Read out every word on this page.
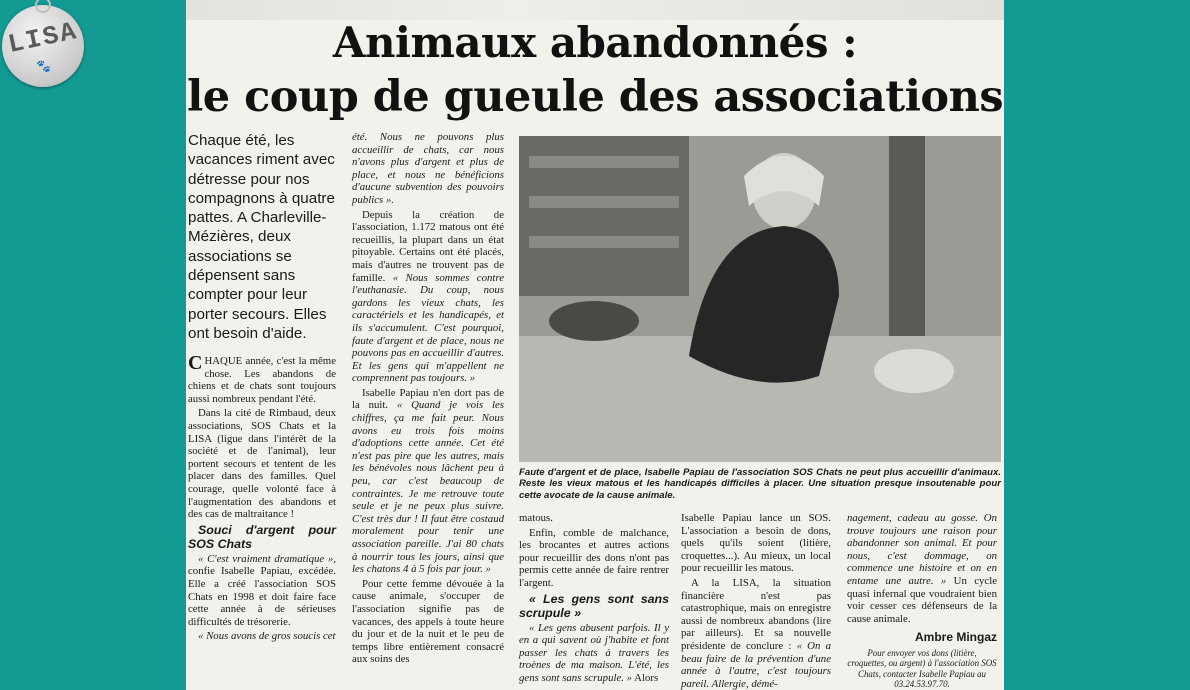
LISA
🐾	Animaux abandonnés :
le coup de gueule des associations
Chaque été, les vacances riment avec détresse pour nos compagnons à quatre pattes. A Charleville-Mézières, deux associations se dépensent sans compter pour leur porter secours. Elles ont besoin d'aide.

CHAQUE année, c'est la même chose. Les abandons de chiens et de chats sont toujours aussi nombreux pendant l'été.

Dans la cité de Rimbaud, deux associations, SOS Chats et la LISA (ligue dans l'intérêt de la société et de l'animal), leur portent secours et tentent de les placer dans des familles. Quel courage, quelle volonté face à l'augmentation des abandons et des cas de maltraitance !

Souci d'argent pour SOS Chats

« C'est vraiment dramatique », confie Isabelle Papiau, excédée. Elle a créé l'association SOS Chats en 1998 et doit faire face cette année à de sérieuses difficultés de trésorerie.

« Nous avons de gros soucis cet

été. Nous ne pouvons plus accueillir de chats, car nous n'avons plus d'argent et plus de place, et nous ne bénéficions d'aucune subvention des pouvoirs publics ».

Depuis la création de l'association, 1.172 matous ont été recueillis, la plupart dans un état pitoyable. Certains ont été placés, mais d'autres ne trouvent pas de famille. « Nous sommes contre l'euthanasie. Du coup, nous gardons les vieux chats, les caractériels et les handicapés, et ils s'accumulent. C'est pourquoi, faute d'argent et de place, nous ne pouvons pas en accueillir d'autres. Et les gens qui m'appellent ne comprennent pas toujours. »

Isabelle Papiau n'en dort pas de la nuit. « Quand je vois les chiffres, ça me fait peur. Nous avons eu trois fois moins d'adoptions cette année. Cet été n'est pas pire que les autres, mais les bénévoles nous lâchent peu à peu, car c'est beaucoup de contraintes. Je me retrouve toute seule et je ne peux plus suivre. C'est très dur ! Il faut être costaud moralement pour tenir une association pareille. J'ai 80 chats à nourrir tous les jours, ainsi que les chatons 4 à 5 fois par jour. »

Pour cette femme dévouée à la cause animale, s'occuper de l'association signifie pas de vacances, des appels à toute heure du jour et de la nuit et le peu de temps libre entièrement consacré aux soins des

Faute d'argent et de place, Isabelle Papiau de l'association SOS Chats ne peut plus accueillir d'animaux. Reste les vieux matous et les handicapés difficiles à placer. Une situation presque insoutenable pour cette avocate de la cause animale.

matous.

Enfin, comble de malchance, les brocantes et autres actions pour recueillir des dons n'ont pas permis cette année de faire rentrer l'argent.

« Les gens sont sans scrupule »

« Les gens abusent parfois. Il y en a qui savent où j'habite et font passer les chats à travers les troènes de ma maison. L'été, les gens sont sans scrupule. » Alors

Isabelle Papiau lance un SOS. L'association a besoin de dons, quels qu'ils soient (litière, croquettes...). Au mieux, un local pour recueillir les matous.

A la LISA, la situation financière n'est pas catastrophique, mais on enregistre aussi de nombreux abandons (lire par ailleurs). Et sa nouvelle présidente de conclure : « On a beau faire de la prévention d'une année à l'autre, c'est toujours pareil. Allergie, démé-

nagement, cadeau au gosse. On trouve toujours une raison pour abandonner son animal. Et pour nous, c'est dommage, on commence une histoire et on en entame une autre. » Un cycle quasi infernal que voudraient bien voir cesser ces défenseurs de la cause animale.

Ambre Mingaz
Pour envoyer vos dons (litière, croquettes, ou argent) à l'association SOS Chats, contacter Isabelle Papiau au 03.24.53.97.70.
